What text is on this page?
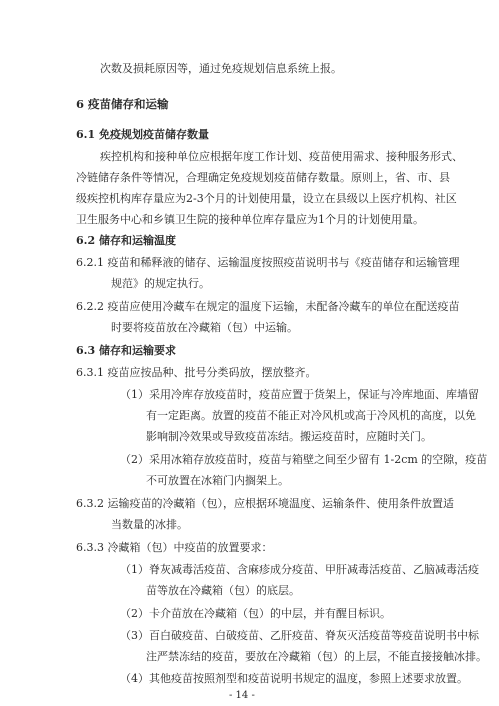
次数及损耗原因等，通过免疫规划信息系统上报。
6 疫苗储存和运输
6.1 免疫规划疫苗储存数量
疾控机构和接种单位应根据年度工作计划、疫苗使用需求、接种服务形式、
冷链储存条件等情况，合理确定免疫规划疫苗储存数量。原则上，省、市、县
级疾控机构库存量应为2-3个月的计划使用量，设立在县级以上医疗机构、社区
卫生服务中心和乡镇卫生院的接种单位库存量应为1个月的计划使用量。
6.2 储存和运输温度
6.2.1 疫苗和稀释液的储存、运输温度按照疫苗说明书与《疫苗储存和运输管理
规范》的规定执行。
6.2.2 疫苗应使用冷藏车在规定的温度下运输，未配备冷藏车的单位在配送疫苗
时要将疫苗放在冷藏箱（包）中运输。
6.3 储存和运输要求
6.3.1 疫苗应按品种、批号分类码放，摆放整齐。
（1）采用冷库存放疫苗时，疫苗应置于货架上，保证与冷库地面、库墙留
有一定距离。放置的疫苗不能正对冷风机或高于冷风机的高度，以免
影响制冷效果或导致疫苗冻结。搬运疫苗时，应随时关门。
（2）采用冰箱存放疫苗时，疫苗与箱壁之间至少留有 1-2cm 的空隙，疫苗
不可放置在冰箱门内搁架上。
6.3.2 运输疫苗的冷藏箱（包），应根据环境温度、运输条件、使用条件放置适
当数量的冰排。
6.3.3 冷藏箱（包）中疫苗的放置要求：
（1）脊灰减毒活疫苗、含麻疹成分疫苗、甲肝减毒活疫苗、乙脑减毒活疫
苗等放在冷藏箱（包）的底层。
（2）卡介苗放在冷藏箱（包）的中层，并有醒目标识。
（3）百白破疫苗、白破疫苗、乙肝疫苗、脊灰灭活疫苗等疫苗说明书中标
注严禁冻结的疫苗，要放在冷藏箱（包）的上层，不能直接接触冰排。
（4）其他疫苗按照剂型和疫苗说明书规定的温度，参照上述要求放置。
- 14 -
